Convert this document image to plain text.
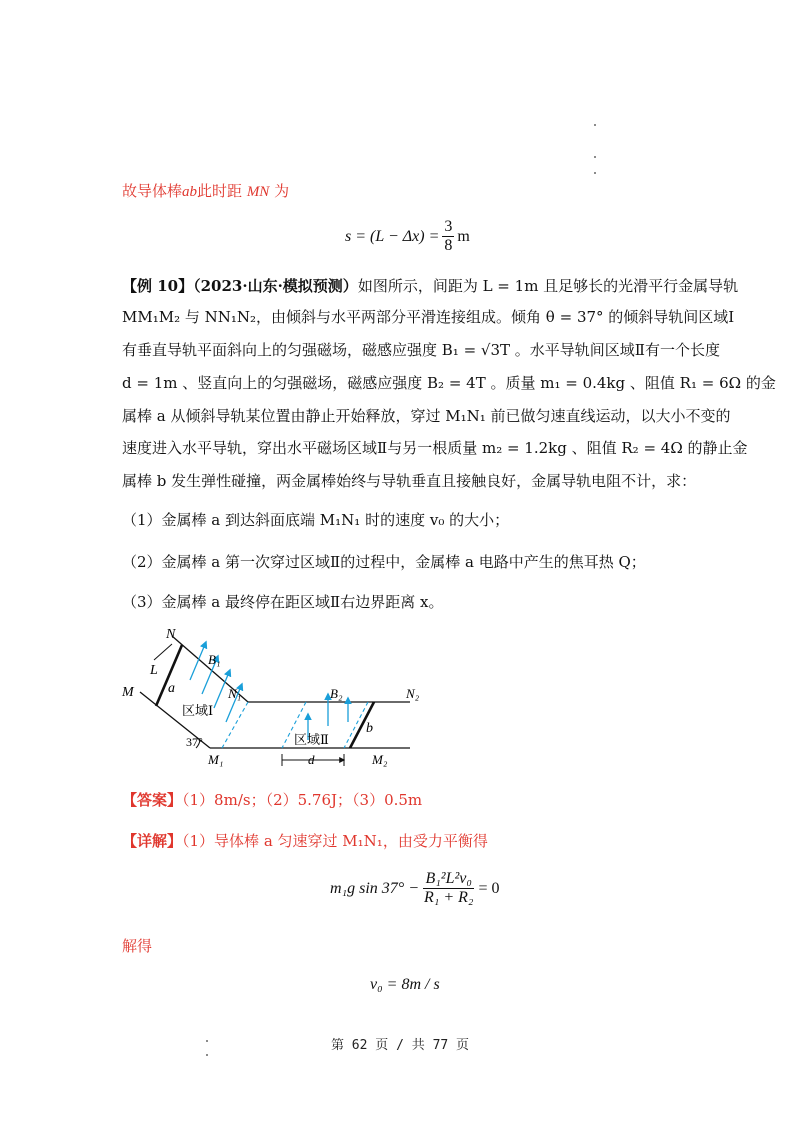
故导体棒ab此时距 MN 为
$s = (L - \Delta x) = \frac{3}{8}$ m
【例 10】（2023·山东·模拟预测）如图所示，间距为 L = 1m 且足够长的光滑平行金属导轨
MM₁M₂ 与 NN₁N₂，由倾斜与水平两部分平滑连接组成。倾角 θ = 37° 的倾斜导轨间区域Ⅰ
有垂直导轨平面斜向上的匀强磁场，磁感应强度 B₁ = √3T 。水平导轨间区域Ⅱ有一个长度
d = 1m 、竖直向上的匀强磁场，磁感应强度 B₂ = 4T 。质量 m₁ = 0.4kg 、阻值 R₁ = 6Ω 的金
属棒 a 从倾斜导轨某位置由静止开始释放，穿过 M₁N₁ 前已做匀速直线运动，以大小不变的
速度进入水平导轨，穿出水平磁场区域Ⅱ与另一根质量 m₂ = 1.2kg 、阻值 R₂ = 4Ω 的静止金
属棒 b 发生弹性碰撞，两金属棒始终与导轨垂直且接触良好，金属导轨电阻不计，求：
（1）金属棒 a 到达斜面底端 M₁N₁ 时的速度 v₀ 的大小；
（2）金属棒 a 第一次穿过区域Ⅱ的过程中，金属棒 a 电路中产生的焦耳热 Q；
（3）金属棒 a 最终停在距区域Ⅱ右边界距离 x。
N
M
L
a
B₁
N₁
区域Ⅰ
37°
M₁
B₂	N₂
b
区域Ⅱ
d	M₂
【答案】（1）8m/s；（2）5.76J；（3）0.5m
【详解】（1）导体棒 a 匀速穿过 M₁N₁，由受力平衡得
m₁g $\sin 37^\circ - \frac{\text{B₁²L²v₀}}{\text{R₁ + R₂}} = 0$
解得
v₀ = 8m / s
第 62 页 / 共 77 页
